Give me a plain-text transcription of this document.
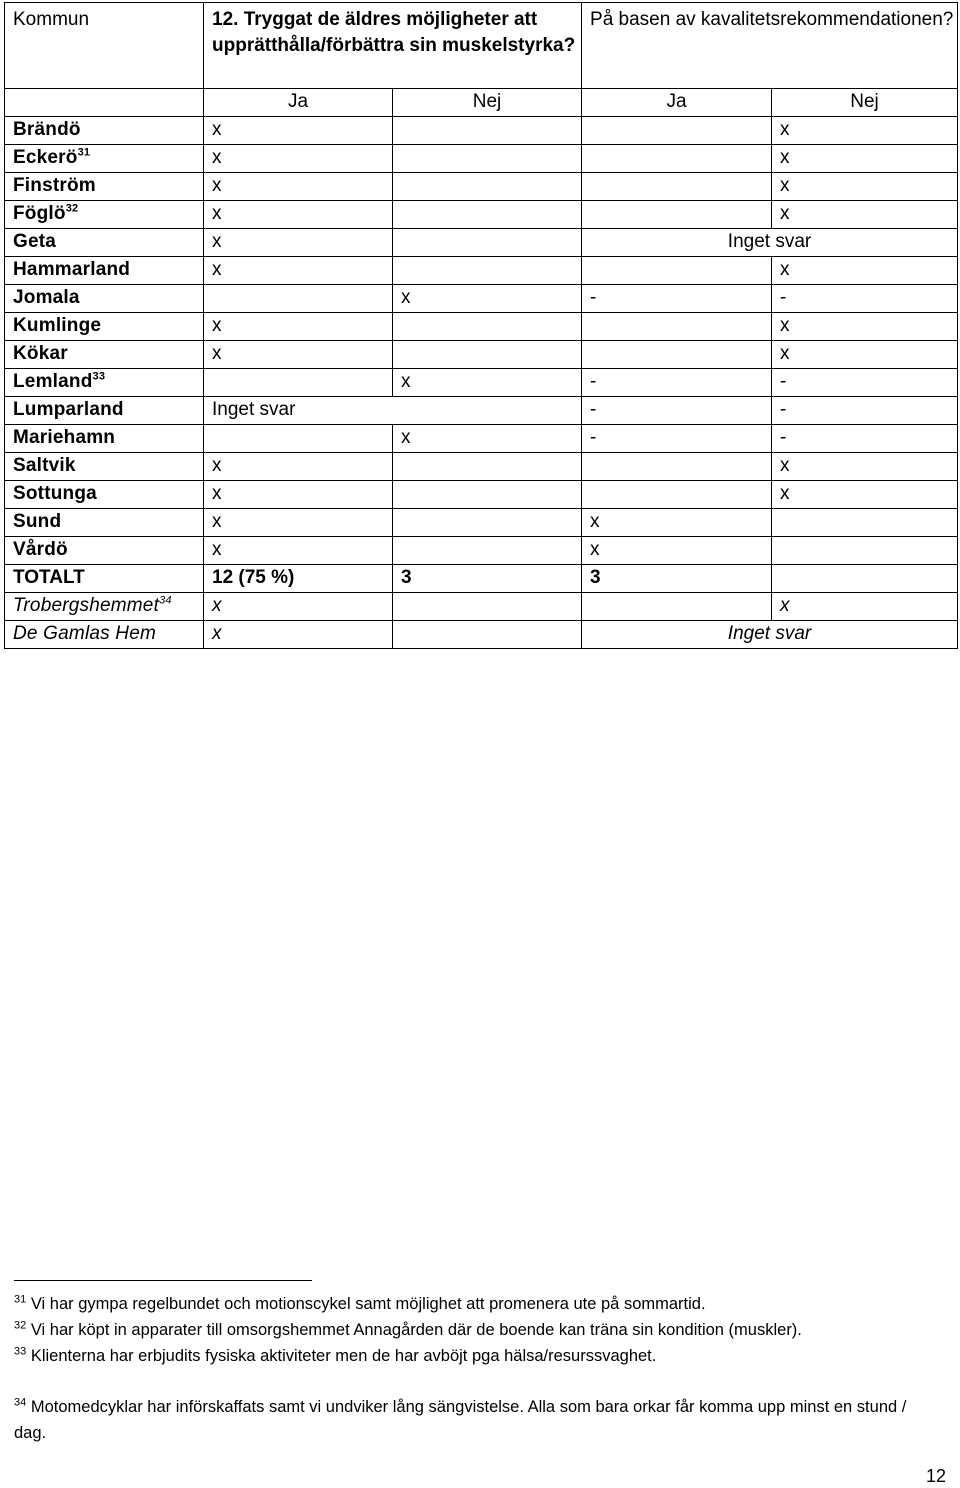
Kommun	12. Tryggat de äldres möjligheter att upprätthålla/förbättra sin muskelstyrka?		På basen av kavalitetsrekommendationen?	
	Ja	Nej	Ja	Nej
Brändö	x			x
Eckerö$^{31}$	x			x
Finström	x			x
Föglö$^{32}$	x			x
Geta	x		Inget svar	
Hammarland	x			x
Jomala		x	-	-
Kumlinge	x			x
Kökar	x			x
Lemland$^{33}$		x	-	-
Lumparland	Inget svar		-	-
Mariehamn		x	-	-
Saltvik	x			x
Sottunga	x			x
Sund	x		x	
Vårdö	x		x	
TOTALT	12 (75 %)	3	3	
Trobergshemmet$^{34}$	x			x
De Gamlas Hem	x		Inget svar	
$^{31}$ Vi har gympa regelbundet och motionscykel samt möjlighet att promenera ute på sommartid.
$^{32}$ Vi har köpt in apparater till omsorgshemmet Annagården där de boende kan träna sin kondition (muskler).
$^{33}$ Klienterna har erbjudits fysiska aktiviteter men de har avböjt pga hälsa/resurssvaghet.
$^{34}$ Motomedcyklar har införskaffats samt vi undviker lång sängvistelse. Alla som bara orkar får komma upp minst en stund / dag.
12
